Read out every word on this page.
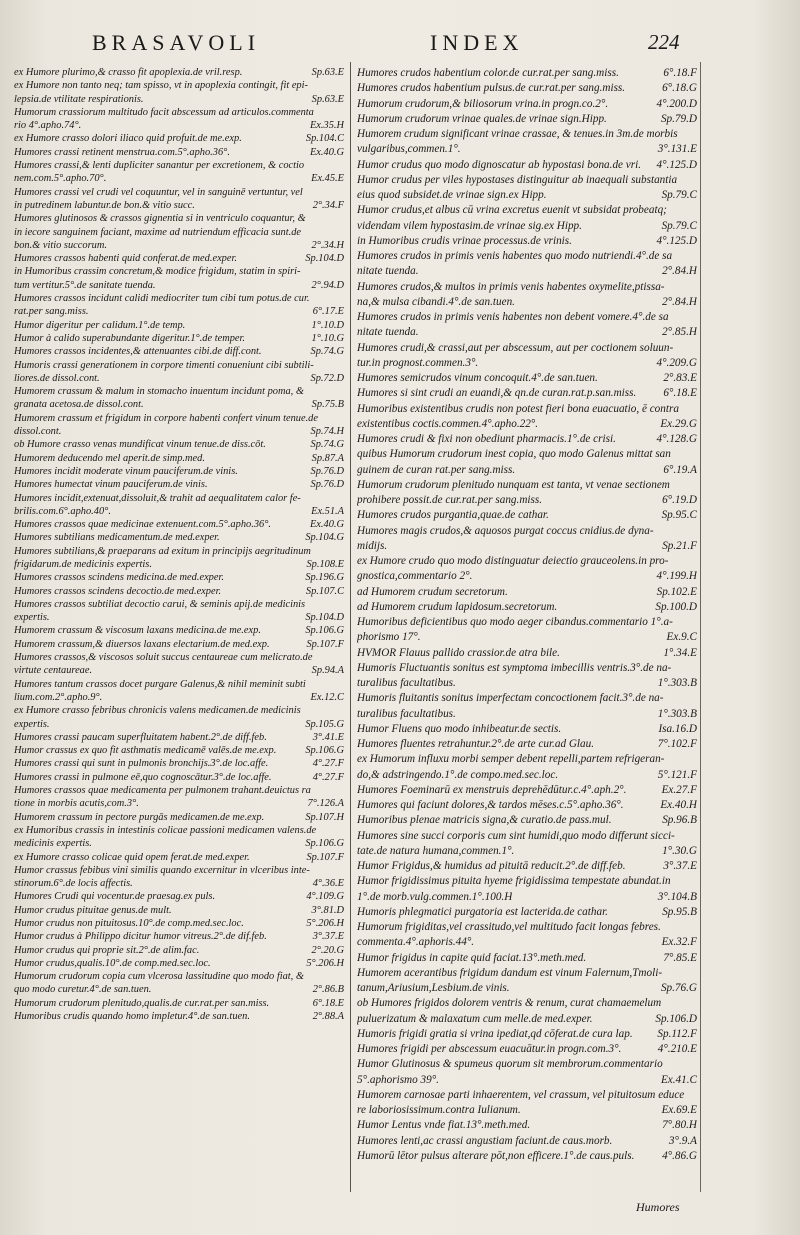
BRASAVOLI	INDEX	224
ex Humore plurimo,& crasso fit apoplexia.de vril.resp.	Sp.63.E
ex Humore non tanto neq; tam spisso, vt in apoplexia contingit, fit epi-
lepsia.de vtilitate respirationis.	Sp.63.E
Humorum crassiorum multitudo facit abscessum ad articulos.commenta
rio 4°.apho.74°.	Ex.35.H
ex Humore crasso dolori iliaco quid profuit.de me.exp.	Sp.104.C
Humores crassi retinent menstrua.com.5°.apho.36°.	Ex.40.G
Humores crassi,& lenti dupliciter sanantur per excretionem, & coctio
nem.com.5°.apho.70°.	Ex.45.E
Humores crassi vel crudi vel coquuntur, vel in sanguinē vertuntur, vel
in putredinem labuntur.de bon.& vitio succ.	2°.34.F
Humores glutinosos & crassos gignentia si in ventriculo coquantur, &
in iecore sanguinem faciant, maxime ad nutriendum efficacia sunt.de
bon.& vitio succorum.	2°.34.H
Humores crassos habenti quid conferat.de med.exper.	Sp.104.D
in Humoribus crassim concretum,& modice frigidum, statim in spiri-
tum vertitur.5°.de sanitate tuenda.	2°.94.D
Humores crassos incidunt calidi mediocriter tum cibi tum potus.de cur.
rat.per sang.miss.	6°.17.E
Humor digeritur per calidum.1°.de temp.	1°.10.D
Humor à calido superabundante digeritur.1°.de temper.	1°.10.G
Humores crassos incidentes,& attenuantes cibi.de diff.cont.	Sp.74.G
Humoris crassi generationem in corpore timenti conueniunt cibi subtili-
liores.de dissol.cont.	Sp.72.D
Humorem crassum & malum in stomacho inuentum incidunt poma, &
granata acetosa.de dissol.cont.	Sp.75.B
Humorem crassum et frigidum in corpore habenti confert vinum tenue.de
dissol.cont.	Sp.74.H
ob Humore crasso venas mundificat vinum tenue.de diss.cōt.	Sp.74.G
Humorem deducendo mel aperit.de simp.med.	Sp.87.A
Humores incidit moderate vinum pauciferum.de vinis.	Sp.76.D
Humores humectat vinum pauciferum.de vinis.	Sp.76.D
Humores incidit,extenuat,dissoluit,& trahit ad aequalitatem calor fe-
brilis.com.6°.apho.40°.	Ex.51.A
Humores crassos quae medicinae extenuent.com.5°.apho.36°.	Ex.40.G
Humores subtilians medicamentum.de med.exper.	Sp.104.G
Humores subtilians,& praeparans ad exitum in principijs aegritudinum
frigidarum.de medicinis expertis.	Sp.108.E
Humores crassos scindens medicina.de med.exper.	Sp.196.G
Humores crassos scindens decoctio.de med.exper.	Sp.107.C
Humores crassos subtiliat decoctio carui, & seminis apij.de medicinis
expertis.	Sp.104.D
Humorem crassum & viscosum laxans medicina.de me.exp.	Sp.106.G
Humorem crassum,& diuersos laxans electarium.de med.exp.	Sp.107.F
Humores crassos,& viscosos soluit succus centaureae cum melicrato.de
virtute centaureae.	Sp.94.A
Humores tantum crassos docet purgare Galenus,& nihil meminit subti
lium.com.2°.apho.9°.	Ex.12.C
ex Humore crasso febribus chronicis valens medicamen.de medicinis
expertis.	Sp.105.G
Humores crassi paucam superfluitatem habent.2°.de diff.feb.	3°.41.E
Humor crassus ex quo fit asthmatis medicamē valēs.de me.exp.	Sp.106.G
Humores crassi qui sunt in pulmonis bronchijs.3°.de loc.affe.	4°.27.F
Humores crassi in pulmone eē,quo cognoscātur.3°.de loc.affe.	4°.27.F
Humores crassos quae medicamenta per pulmonem trahant.deuictus ra
tione in morbis acutis,com.3°.	7°.126.A
Humorem crassum in pectore purgās medicamen.de me.exp.	Sp.107.H
ex Humoribus crassis in intestinis colicae passioni medicamen valens.de
medicinis expertis.	Sp.106.G
ex Humore crasso colicae quid opem ferat.de med.exper.	Sp.107.F
Humor crassus febibus vini similis quando excernitur in vlceribus inte-
stinorum.6°.de locis affectis.	4°.36.E
Humores Crudi qui vocentur.de praesag.ex puls.	4°.109.G
Humor crudus pituitae genus.de mult.	3°.81.D
Humor crudus non pituitosus.10°.de comp.med.sec.loc.	5°.206.H
Humor crudus à Philippo dicitur humor vitreus.2°.de dif.feb.	3°.37.E
Humor crudus qui proprie sit.2°.de alim.fac.	2°.20.G
Humor crudus,qualis.10°.de comp.med.sec.loc.	5°.206.H
Humorum crudorum copia cum vlcerosa lassitudine quo modo fiat, &
quo modo curetur.4°.de san.tuen.	2°.86.B
Humorum crudorum plenitudo,qualis.de cur.rat.per san.miss.	6°.18.E
Humoribus crudis quando homo impletur.4°.de san.tuen.	2°.88.A
Humores crudos habentium color.de cur.rat.per sang.miss.	6°.18.F
Humores crudos habentium pulsus.de cur.rat.per sang.miss.	6°.18.G
Humorum crudorum,& biliosorum vrina.in progn.co.2°.	4°.200.D
Humorum crudorum vrinae quales.de vrinae sign.Hipp.	Sp.79.D
Humorem crudum significant vrinae crassae, & tenues.in 3m.de morbis
vulgaribus,commen.1°.	3°.131.E
Humor crudus quo modo dignoscatur ab hypostasi bona.de vri.	4°.125.D
Humor crudus per viles hypostases distinguitur ab inaequali substantia
eius quod subsidet.de vrinae sign.ex Hipp.	Sp.79.C
Humor crudus,et albus cū vrina excretus euenit vt subsidat probeatq;
videndam vilem hypostasim.de vrinae sig.ex Hipp.	Sp.79.C
in Humoribus crudis vrinae processus.de vrinis.	4°.125.D
Humores crudos in primis venis habentes quo modo nutriendi.4°.de sa
nitate tuenda.	2°.84.H
Humores crudos,& multos in primis venis habentes oxymelite,ptissa-
na,& mulsa cibandi.4°.de san.tuen.	2°.84.H
Humores crudos in primis venis habentes non debent vomere.4°.de sa
nitate tuenda.	2°.85.H
Humores crudi,& crassi,aut per abscessum, aut per coctionem soluun-
tur.in prognost.commen.3°.	4°.209.G
Humores semicrudos vinum concoquit.4°.de san.tuen.	2°.83.E
Humores si sint crudi an euandi,& qn.de curan.rat.p.san.miss.	6°.18.E
Humoribus existentibus crudis non potest fieri bona euacuatio, ē contra
existentibus coctis.commen.4°.apho.22°.	Ex.29.G
Humores crudi & fixi non obediunt pharmacis.1°.de crisi.	4°.128.G
quibus Humorum crudorum inest copia, quo modo Galenus mittat san
guinem de curan rat.per sang.miss.	6°.19.A
Humorum crudorum plenitudo nunquam est tanta, vt venae sectionem
prohibere possit.de cur.rat.per sang.miss.	6°.19.D
Humores crudos purgantia,quae.de cathar.	Sp.95.C
Humores magis crudos,& aquosos purgat coccus cnidius.de dyna-
midijs.	Sp.21.F
ex Humore crudo quo modo distinguatur deiectio grauceolens.in pro-
gnostica,commentario 2°.	4°.199.H
ad Humorem crudum secretorum.	Sp.102.E
ad Humorem crudum lapidosum.secretorum.	Sp.100.D
Humoribus deficientibus quo modo aeger cibandus.commentario 1°.a-
phorismo 17°.	Ex.9.C
HVMOR Flauus pallido crassior.de atra bile.	1°.34.E
Humoris Fluctuantis sonitus est symptoma imbecillis ventris.3°.de na-
turalibus facultatibus.	1°.303.B
Humoris fluitantis sonitus imperfectam concoctionem facit.3°.de na-
turalibus facultatibus.	1°.303.B
Humor Fluens quo modo inhibeatur.de sectis.	Isa.16.D
Humores fluentes retrahuntur.2°.de arte cur.ad Glau.	7°.102.F
ex Humorum influxu morbi semper debent repelli,partem refrigeran-
do,& adstringendo.1°.de compo.med.sec.loc.	5°.121.F
Humores Foeminarū ex menstruis deprehēdūtur.c.4°.aph.2°.	Ex.27.F
Humores qui faciunt dolores,& tardos mēses.c.5°.apho.36°.	Ex.40.H
Humoribus plenae matricis signa,& curatio.de pass.mul.	Sp.96.B
Humores sine succi corporis cum sint humidi,quo modo differunt sicci-
tate.de natura humana,commen.1°.	1°.30.G
Humor Frigidus,& humidus ad pituitā reducit.2°.de diff.feb.	3°.37.E
Humor frigidissimus pituita hyeme frigidissima tempestate abundat.in
1°.de morb.vulg.commen.1°.100.H	3°.104.B
Humoris phlegmatici purgatoria est lacterida.de cathar.	Sp.95.B
Humorum frigiditas,vel crassitudo,vel multitudo facit longas febres.
commenta.4°.aphoris.44°.	Ex.32.F
Humor frigidus in capite quid faciat.13°.meth.med.	7°.85.E
Humorem acerantibus frigidum dandum est vinum Falernum,Tmoli-
tanum,Ariusium,Lesbium.de vinis.	Sp.76.G
ob Humores frigidos dolorem ventris & renum, curat chamaemelum
puluerizatum & malaxatum cum melle.de med.exper.	Sp.106.D
Humoris frigidi gratia si vrina ipediat,qd cōferat.de cura lap.	Sp.112.F
Humores frigidi per abscessum euacuātur.in progn.com.3°.	4°.210.E
Humor Glutinosus & spumeus quorum sit membrorum.commentario
5°.aphorismo 39°.	Ex.41.C
Humorem carnosae parti inhaerentem, vel crassum, vel pituitosum educe
re laboriosissimum.contra Iulianum.	Ex.69.E
Humor Lentus vnde fiat.13°.meth.med.	7°.80.H
Humores lenti,ac crassi angustiam faciunt.de caus.morb.	3°.9.A
Humorū lētor pulsus alterare pōt,non efficere.1°.de caus.puls.	4°.86.G
Humores
